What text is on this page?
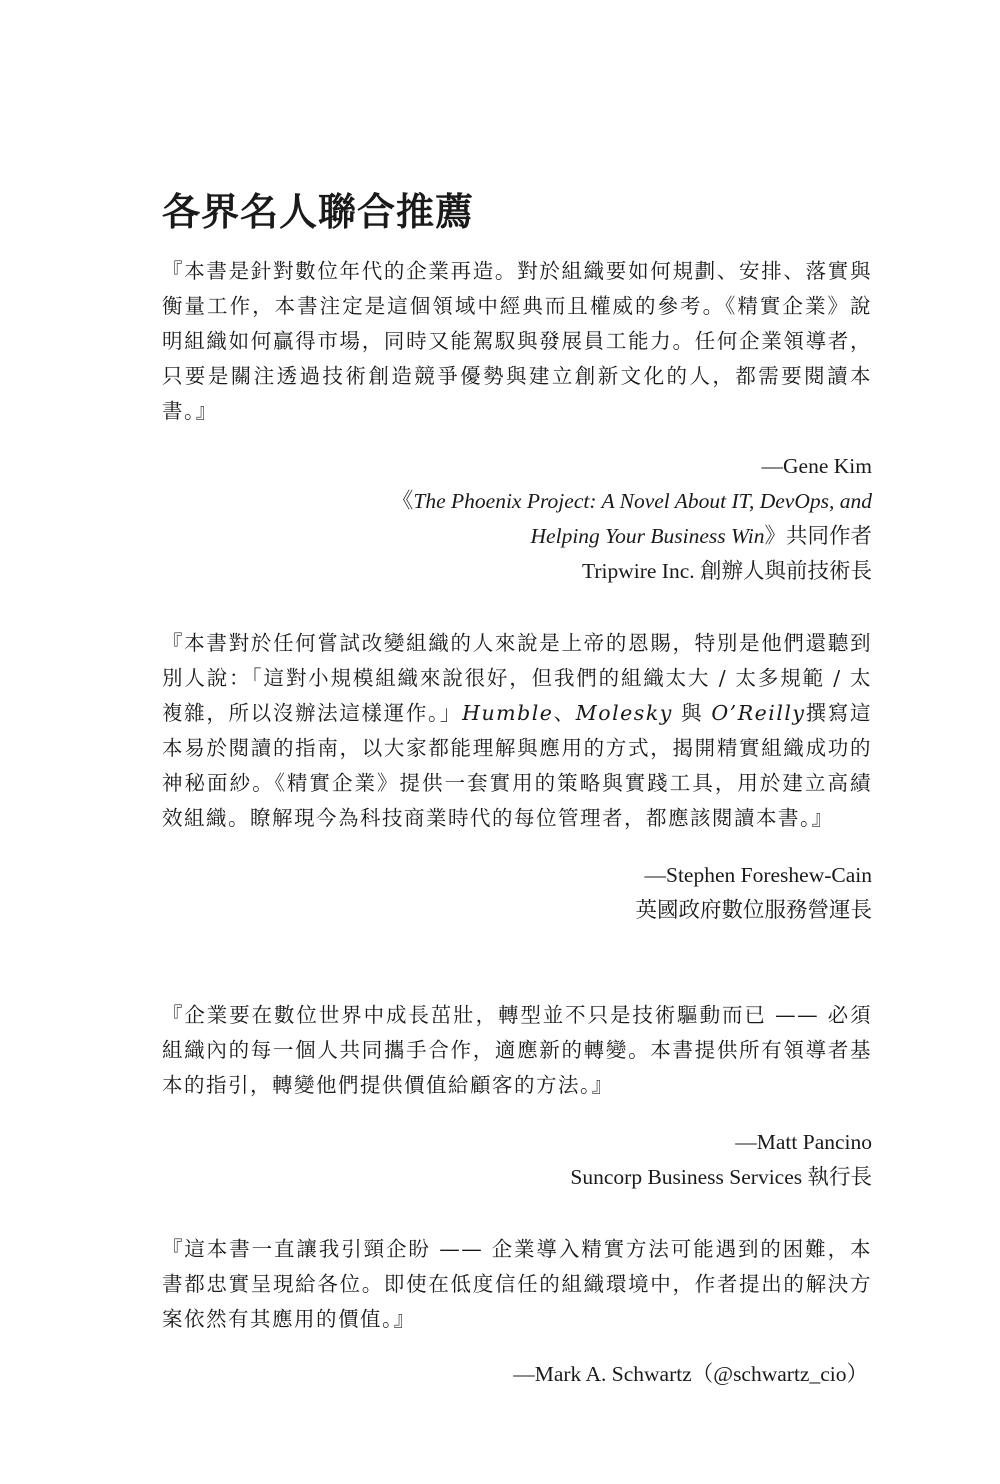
各界名人聯合推薦

『本書是針對數位年代的企業再造。對於組織要如何規劃、安排、落實與衡量工作，本書注定是這個領域中經典而且權威的參考。《精實企業》說明組織如何贏得市場，同時又能駕馭與發展員工能力。任何企業領導者，只要是關注透過技術創造競爭優勢與建立創新文化的人，都需要閱讀本書。』

—Gene Kim

《The Phoenix Project: A Novel About IT, DevOps, and

Helping Your Business Win》共同作者

Tripwire Inc. 創辦人與前技術長

『本書對於任何嘗試改變組織的人來說是上帝的恩賜，特別是他們還聽到別人說：「這對小規模組織來說很好，但我們的組織太大 / 太多規範 / 太複雜，所以沒辦法這樣運作。」Humble、Molesky 與 O’Reilly撰寫這本易於閱讀的指南，以大家都能理解與應用的方式，揭開精實組織成功的神秘面紗。《精實企業》提供一套實用的策略與實踐工具，用於建立高績效組織。瞭解現今為科技商業時代的每位管理者，都應該閱讀本書。』

—Stephen Foreshew-Cain

英國政府數位服務營運長

『企業要在數位世界中成長茁壯，轉型並不只是技術驅動而已 —— 必須組織內的每一個人共同攜手合作，適應新的轉變。本書提供所有領導者基本的指引，轉變他們提供價值給顧客的方法。』

—Matt Pancino

Suncorp Business Services 執行長

『這本書一直讓我引頸企盼 —— 企業導入精實方法可能遇到的困難，本書都忠實呈現給各位。即使在低度信任的組織環境中，作者提出的解決方案依然有其應用的價值。』

—Mark A. Schwartz（@schwartz_cio）
